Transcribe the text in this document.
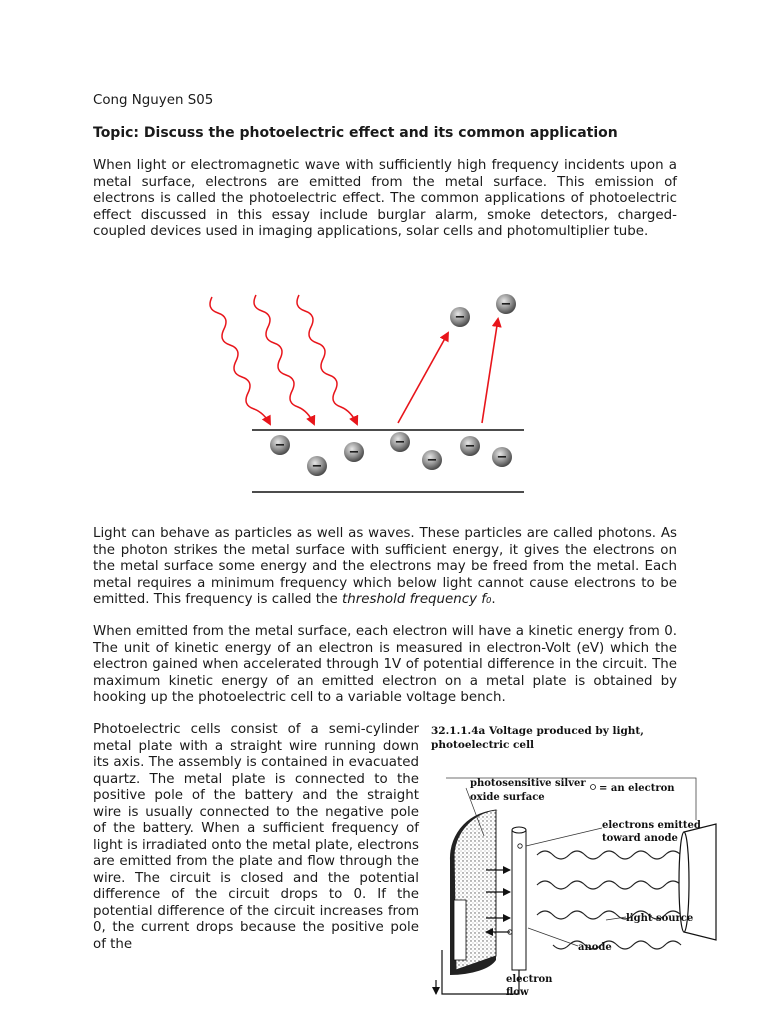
Cong Nguyen S05
Topic: Discuss the photoelectric effect and its common application
When light or electromagnetic wave with sufficiently high frequency incidents upon a metal surface, electrons are emitted from the metal surface. This emission of electrons is called the photoelectric effect. The common applications of photoelectric effect discussed in this essay include burglar alarm, smoke detectors, charged-coupled devices used in imaging applications, solar cells and photomultiplier tube.
−
−
−
−
−
−
−
−
−
Light can behave as particles as well as waves. These particles are called photons. As the photon strikes the metal surface with sufficient energy, it gives the electrons on the metal surface some energy and the electrons may be freed from the metal. Each metal requires a minimum frequency which below light cannot cause electrons to be emitted. This frequency is called the threshold frequency f₀.
When emitted from the metal surface, each electron will have a kinetic energy from 0. The unit of kinetic energy of an electron is measured in electron-Volt (eV) which the electron gained when accelerated through 1V of potential difference in the circuit. The maximum kinetic energy of an emitted electron on a metal plate is obtained by hooking up the photoelectric cell to a variable voltage bench.
Photoelectric cells consist of a semi-cylinder metal plate with a straight wire running down its axis. The assembly is contained in evacuated quartz. The metal plate is connected to the positive pole of the battery and the straight wire is usually connected to the negative pole of the battery. When a sufficient frequency of light is irradiated onto the metal plate, electrons are emitted from the plate and flow through the wire. The circuit is closed and the potential difference of the circuit drops to 0. If the potential difference of the circuit increases from 0, the current drops because the positive pole of the
32.1.1.4a Voltage produced by light,
photoelectric cell
photosensitive silver
oxide surface
= an electron
electrons emitted
toward anode
light source
anode
electron
flow
